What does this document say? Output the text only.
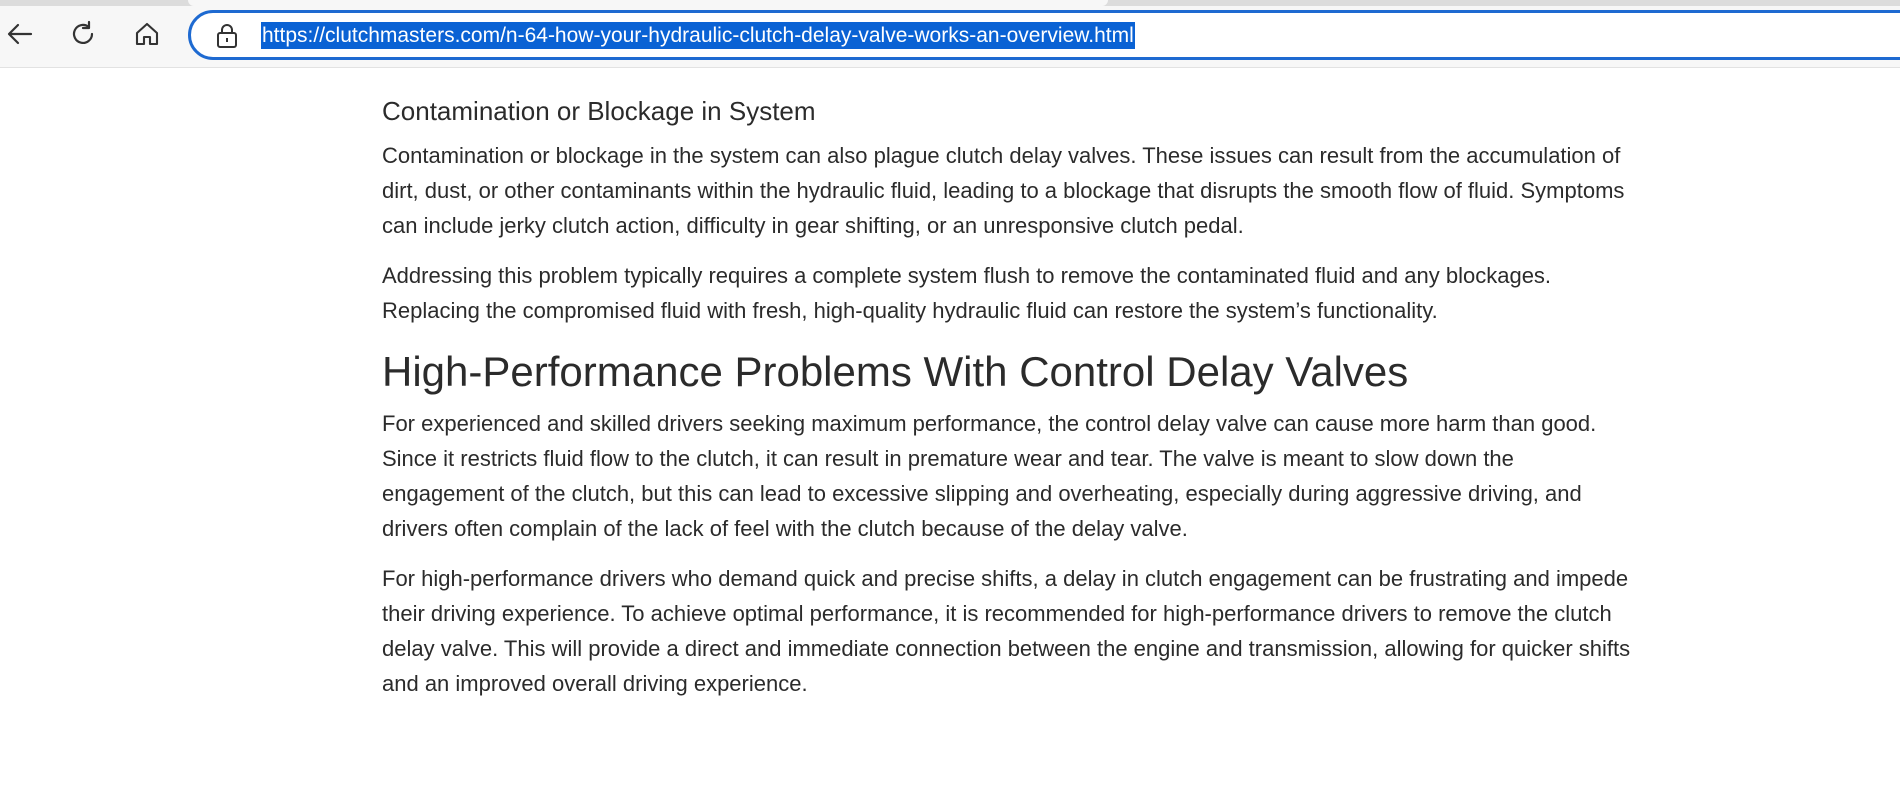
https://clutchmasters.com/n-64-how-your-hydraulic-clutch-delay-valve-works-an-overview.html
Contamination or Blockage in System

Contamination or blockage in the system can also plague clutch delay valves. These issues can result from the accumulation of dirt, dust, or other contaminants within the hydraulic fluid, leading to a blockage that disrupts the smooth flow of fluid. Symptoms can include jerky clutch action, difficulty in gear shifting, or an unresponsive clutch pedal.

Addressing this problem typically requires a complete system flush to remove the contaminated fluid and any blockages. Replacing the compromised fluid with fresh, high-quality hydraulic fluid can restore the system’s functionality.

High-Performance Problems With Control Delay Valves

For experienced and skilled drivers seeking maximum performance, the control delay valve can cause more harm than good. Since it restricts fluid flow to the clutch, it can result in premature wear and tear. The valve is meant to slow down the engagement of the clutch, but this can lead to excessive slipping and overheating, especially during aggressive driving, and drivers often complain of the lack of feel with the clutch because of the delay valve.

For high-performance drivers who demand quick and precise shifts, a delay in clutch engagement can be frustrating and impede their driving experience. To achieve optimal performance, it is recommended for high-performance drivers to remove the clutch delay valve. This will provide a direct and immediate connection between the engine and transmission, allowing for quicker shifts and an improved overall driving experience.
